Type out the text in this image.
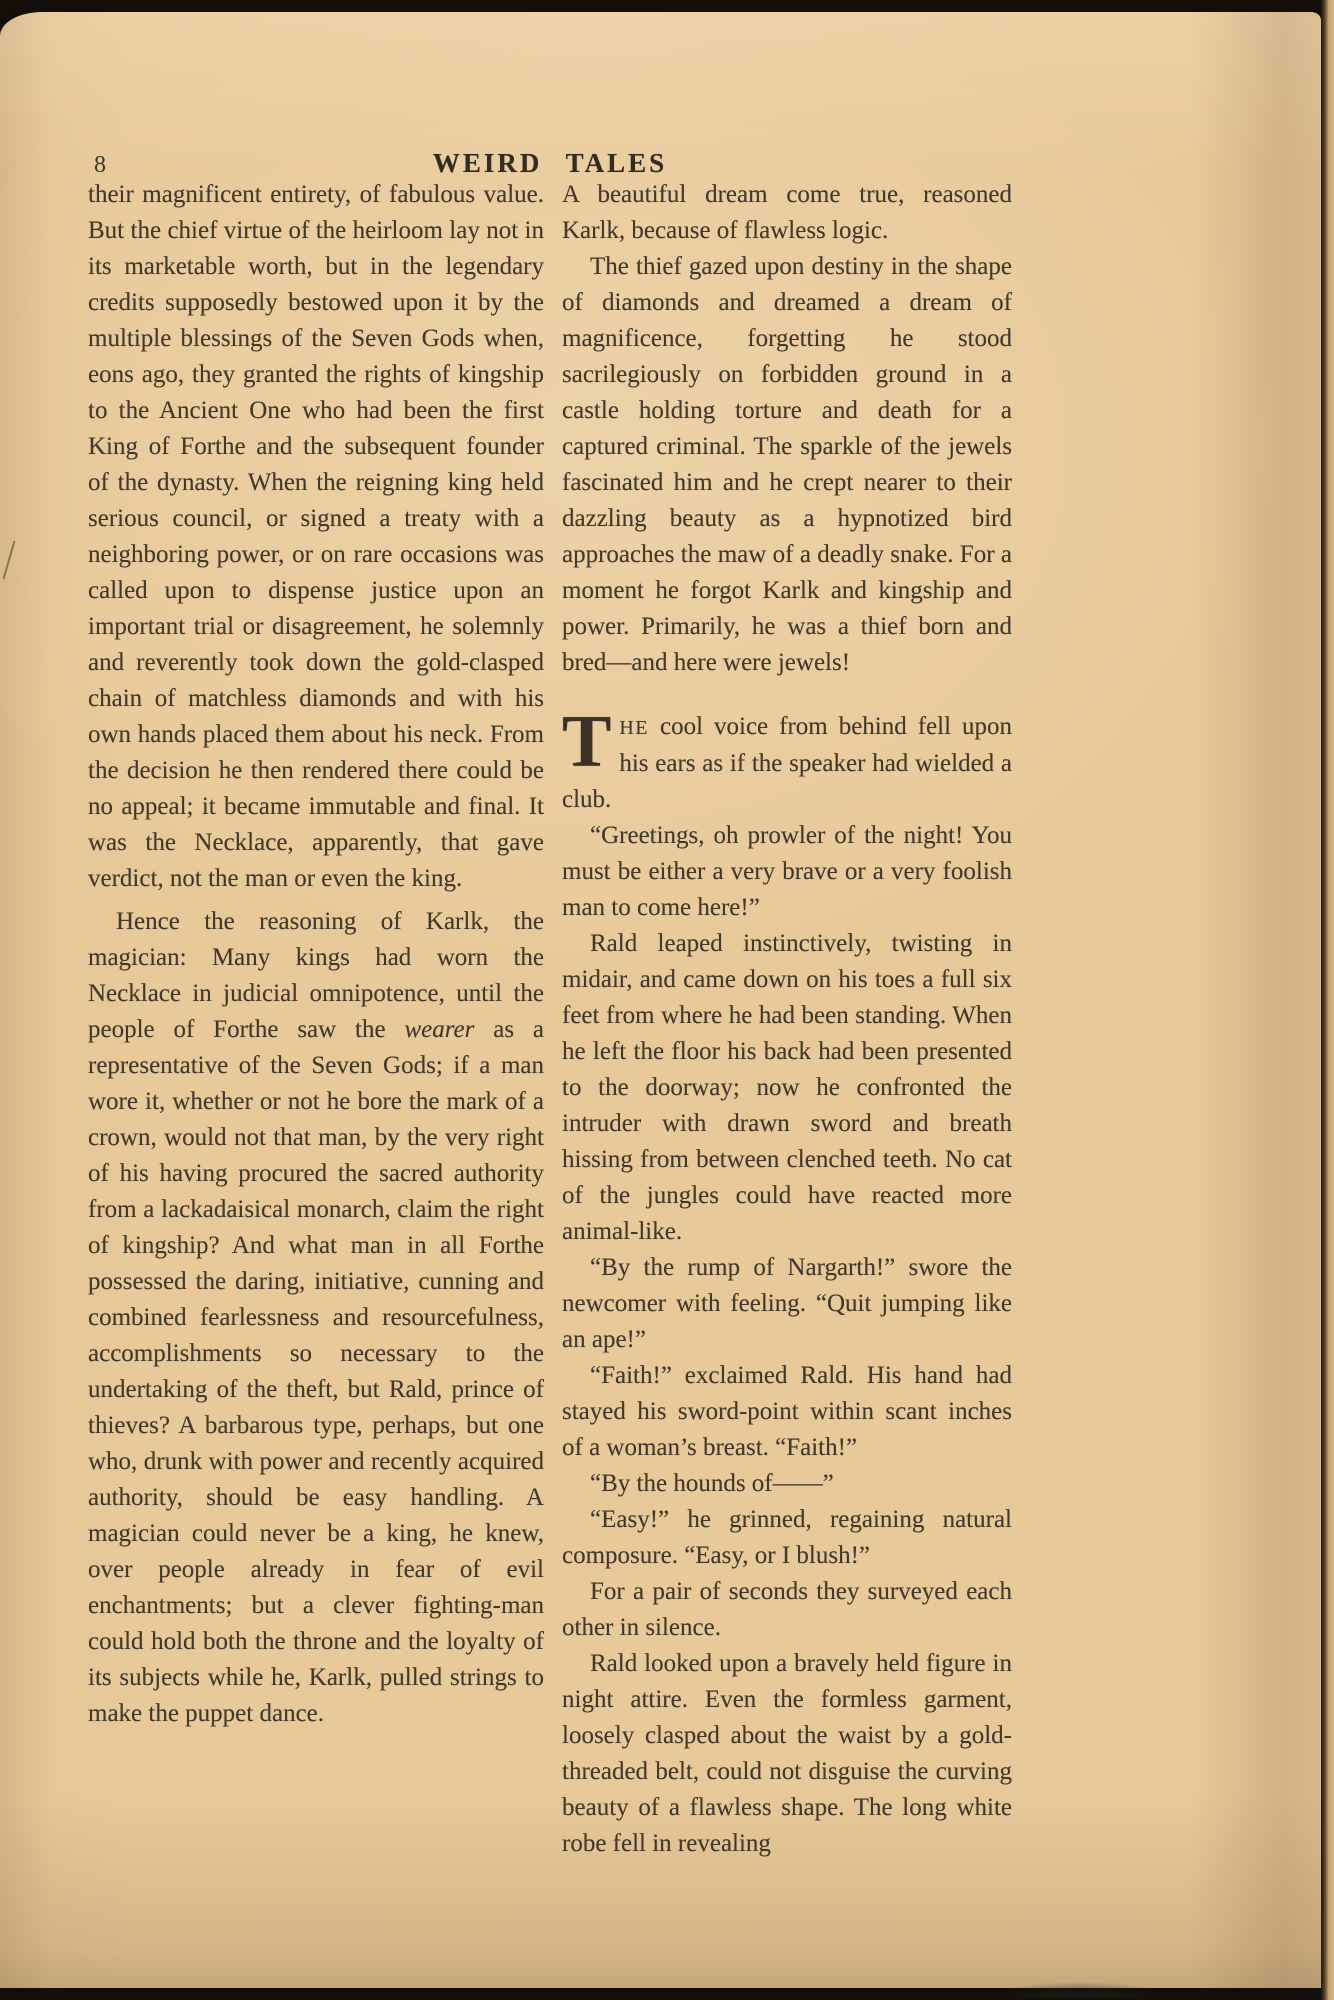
8	WEIRD TALES

their magnificent entirety, of fabulous value. But the chief virtue of the heirloom lay not in its marketable worth, but in the legendary credits supposedly bestowed upon it by the multiple blessings of the Seven Gods when, eons ago, they granted the rights of kingship to the Ancient One who had been the first King of Forthe and the subsequent founder of the dynasty. When the reigning king held serious council, or signed a treaty with a neighboring power, or on rare occasions was called upon to dispense justice upon an important trial or disagreement, he solemnly and reverently took down the gold-clasped chain of matchless diamonds and with his own hands placed them about his neck. From the decision he then rendered there could be no appeal; it became immutable and final. It was the Necklace, apparently, that gave verdict, not the man or even the king.

Hence the reasoning of Karlk, the magician: Many kings had worn the Necklace in judicial omnipotence, until the people of Forthe saw the wearer as a representative of the Seven Gods; if a man wore it, whether or not he bore the mark of a crown, would not that man, by the very right of his having procured the sacred authority from a lackadaisical monarch, claim the right of kingship? And what man in all Forthe possessed the daring, initiative, cunning and combined fearlessness and resourcefulness, accomplishments so necessary to the undertaking of the theft, but Rald, prince of thieves? A barbarous type, perhaps, but one who, drunk with power and recently acquired authority, should be easy handling. A magician could never be a king, he knew, over people already in fear of evil enchantments; but a clever fighting-man could hold both the throne and the loyalty of its subjects while he, Karlk, pulled strings to make the puppet dance.

A beautiful dream come true, reasoned Karlk, because of flawless logic.

The thief gazed upon destiny in the shape of diamonds and dreamed a dream of magnificence, forgetting he stood sacrilegiously on forbidden ground in a castle holding torture and death for a captured criminal. The sparkle of the jewels fascinated him and he crept nearer to their dazzling beauty as a hypnotized bird approaches the maw of a deadly snake. For a moment he forgot Karlk and kingship and power. Primarily, he was a thief born and bred—and here were jewels!

THE cool voice from behind fell upon his ears as if the speaker had wielded a club.

“Greetings, oh prowler of the night! You must be either a very brave or a very foolish man to come here!”

Rald leaped instinctively, twisting in midair, and came down on his toes a full six feet from where he had been standing. When he left the floor his back had been presented to the doorway; now he confronted the intruder with drawn sword and breath hissing from between clenched teeth. No cat of the jungles could have reacted more animal-like.

“By the rump of Nargarth!” swore the newcomer with feeling. “Quit jumping like an ape!”

“Faith!” exclaimed Rald. His hand had stayed his sword-point within scant inches of a woman’s breast. “Faith!”

“By the hounds of——”

“Easy!” he grinned, regaining natural composure. “Easy, or I blush!”

For a pair of seconds they surveyed each other in silence.

Rald looked upon a bravely held figure in night attire. Even the formless garment, loosely clasped about the waist by a gold-threaded belt, could not disguise the curving beauty of a flawless shape. The long white robe fell in revealing
